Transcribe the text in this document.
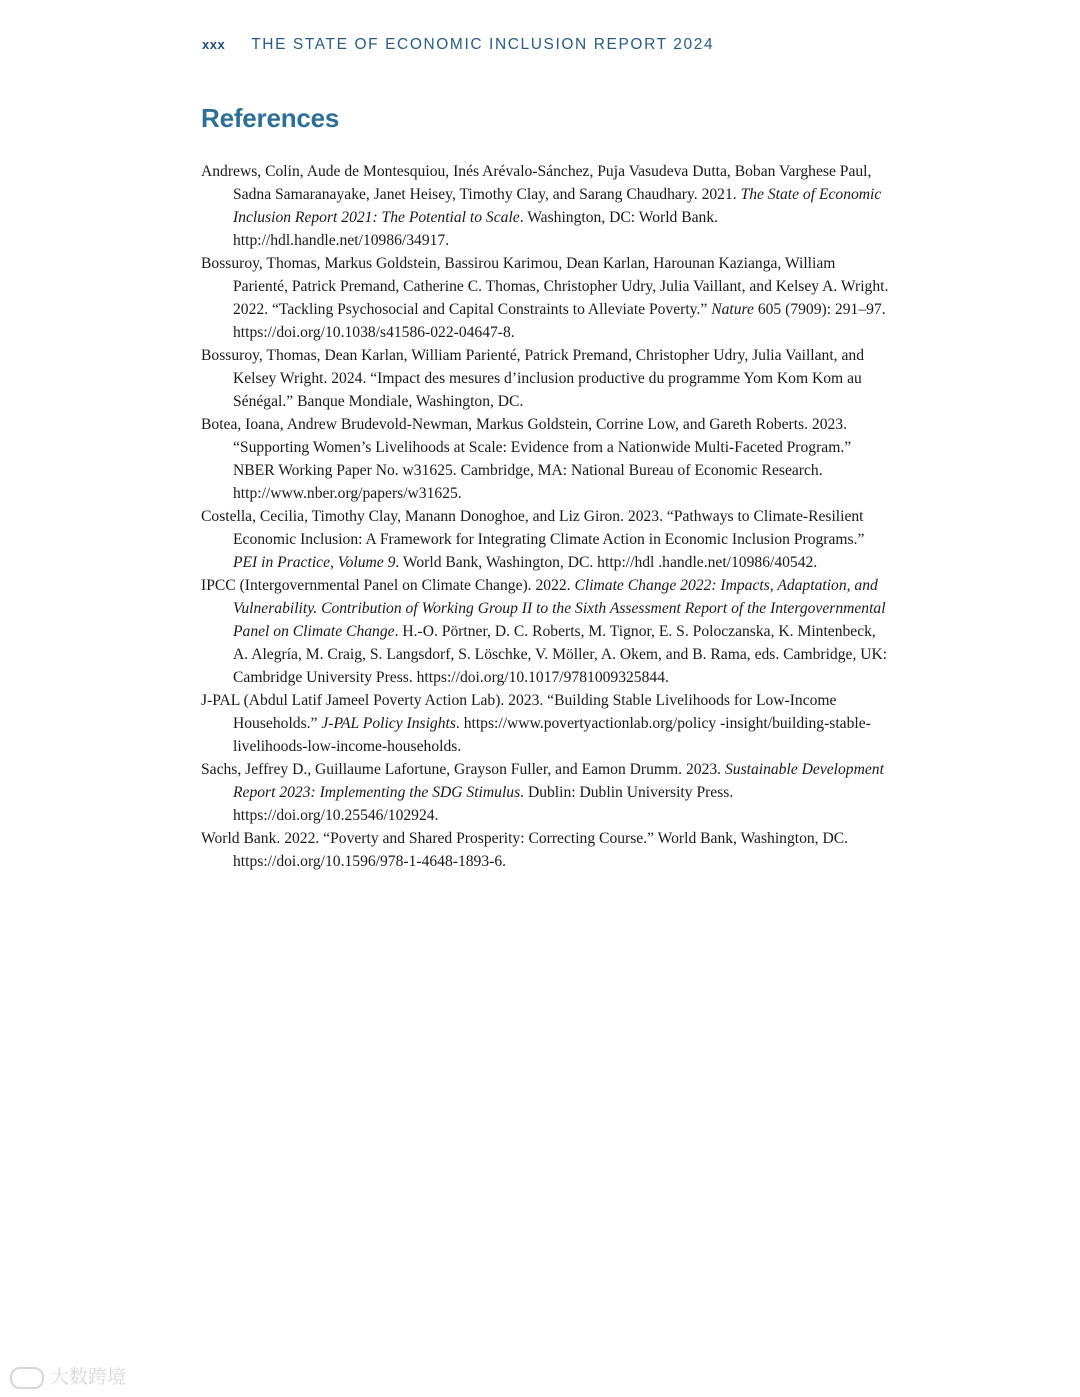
xxx THE STATE OF ECONOMIC INCLUSION REPORT 2024
References
Andrews, Colin, Aude de Montesquiou, Inés Arévalo-Sánchez, Puja Vasudeva Dutta, Boban Varghese Paul, Sadna Samaranayake, Janet Heisey, Timothy Clay, and Sarang Chaudhary. 2021. The State of Economic Inclusion Report 2021: The Potential to Scale. Washington, DC: World Bank. http://hdl.handle.net/10986/34917.
Bossuroy, Thomas, Markus Goldstein, Bassirou Karimou, Dean Karlan, Harounan Kazianga, William Parienté, Patrick Premand, Catherine C. Thomas, Christopher Udry, Julia Vaillant, and Kelsey A. Wright. 2022. “Tackling Psychosocial and Capital Constraints to Alleviate Poverty.” Nature 605 (7909): 291–97. https://doi.org/10.1038/s41586-022-04647-8.
Bossuroy, Thomas, Dean Karlan, William Parienté, Patrick Premand, Christopher Udry, Julia Vaillant, and Kelsey Wright. 2024. “Impact des mesures d’inclusion productive du programme Yom Kom Kom au Sénégal.” Banque Mondiale, Washington, DC.
Botea, Ioana, Andrew Brudevold-Newman, Markus Goldstein, Corrine Low, and Gareth Roberts. 2023. “Supporting Women’s Livelihoods at Scale: Evidence from a Nationwide Multi-Faceted Program.” NBER Working Paper No. w31625. Cambridge, MA: National Bureau of Economic Research. http://www.nber.org/papers/w31625.
Costella, Cecilia, Timothy Clay, Manann Donoghoe, and Liz Giron. 2023. “Pathways to Climate-Resilient Economic Inclusion: A Framework for Integrating Climate Action in Economic Inclusion Programs.” PEI in Practice, Volume 9. World Bank, Washington, DC. http://hdl .handle.net/10986/40542.
IPCC (Intergovernmental Panel on Climate Change). 2022. Climate Change 2022: Impacts, Adaptation, and Vulnerability. Contribution of Working Group II to the Sixth Assessment Report of the Intergovernmental Panel on Climate Change. H.-O. Pörtner, D. C. Roberts, M. Tignor, E. S. Poloczanska, K. Mintenbeck, A. Alegría, M. Craig, S. Langsdorf, S. Löschke, V. Möller, A. Okem, and B. Rama, eds. Cambridge, UK: Cambridge University Press. https://doi.org/10.1017/9781009325844.
J-PAL (Abdul Latif Jameel Poverty Action Lab). 2023. “Building Stable Livelihoods for Low-Income Households.” J-PAL Policy Insights. https://www.povertyactionlab.org/policy -insight/building-stable-livelihoods-low-income-households.
Sachs, Jeffrey D., Guillaume Lafortune, Grayson Fuller, and Eamon Drumm. 2023. Sustainable Development Report 2023: Implementing the SDG Stimulus. Dublin: Dublin University Press. https://doi.org/10.25546/102924.
World Bank. 2022. “Poverty and Shared Prosperity: Correcting Course.” World Bank, Washington, DC. https://doi.org/10.1596/978-1-4648-1893-6.
大数跨境
